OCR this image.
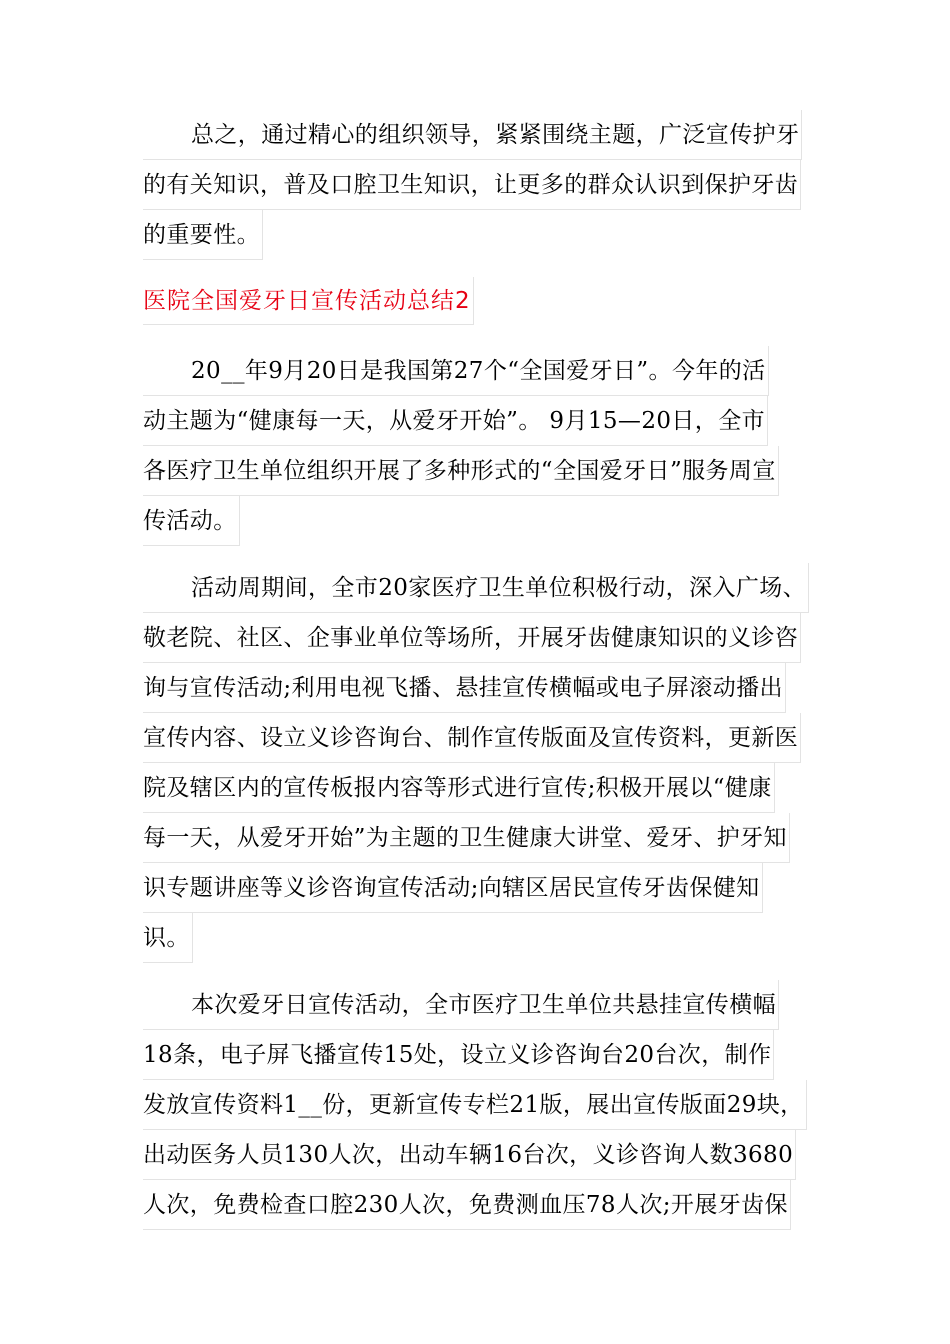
总之，通过精心的组织领导，紧紧围绕主题，广泛宣传护牙
的有关知识，普及口腔卫生知识，让更多的群众认识到保护牙齿
的重要性。
医院全国爱牙日宣传活动总结2
20__年9月20日是我国第27个“全国爱牙日”。今年的活
动主题为“健康每一天，从爱牙开始”。 9月15—20日，全市
各医疗卫生单位组织开展了多种形式的“全国爱牙日”服务周宣
传活动。
活动周期间，全市20家医疗卫生单位积极行动，深入广场、
敬老院、社区、企事业单位等场所，开展牙齿健康知识的义诊咨
询与宣传活动;利用电视飞播、悬挂宣传横幅或电子屏滚动播出
宣传内容、设立义诊咨询台、制作宣传版面及宣传资料，更新医
院及辖区内的宣传板报内容等形式进行宣传;积极开展以“健康
每一天，从爱牙开始”为主题的卫生健康大讲堂、爱牙、护牙知
识专题讲座等义诊咨询宣传活动;向辖区居民宣传牙齿保健知
识。
本次爱牙日宣传活动，全市医疗卫生单位共悬挂宣传横幅
18条，电子屏飞播宣传15处，设立义诊咨询台20台次，制作
发放宣传资料1__份，更新宣传专栏21版，展出宣传版面29块，
出动医务人员130人次，出动车辆16台次，义诊咨询人数3680
人次，免费检查口腔230人次，免费测血压78人次;开展牙齿保
